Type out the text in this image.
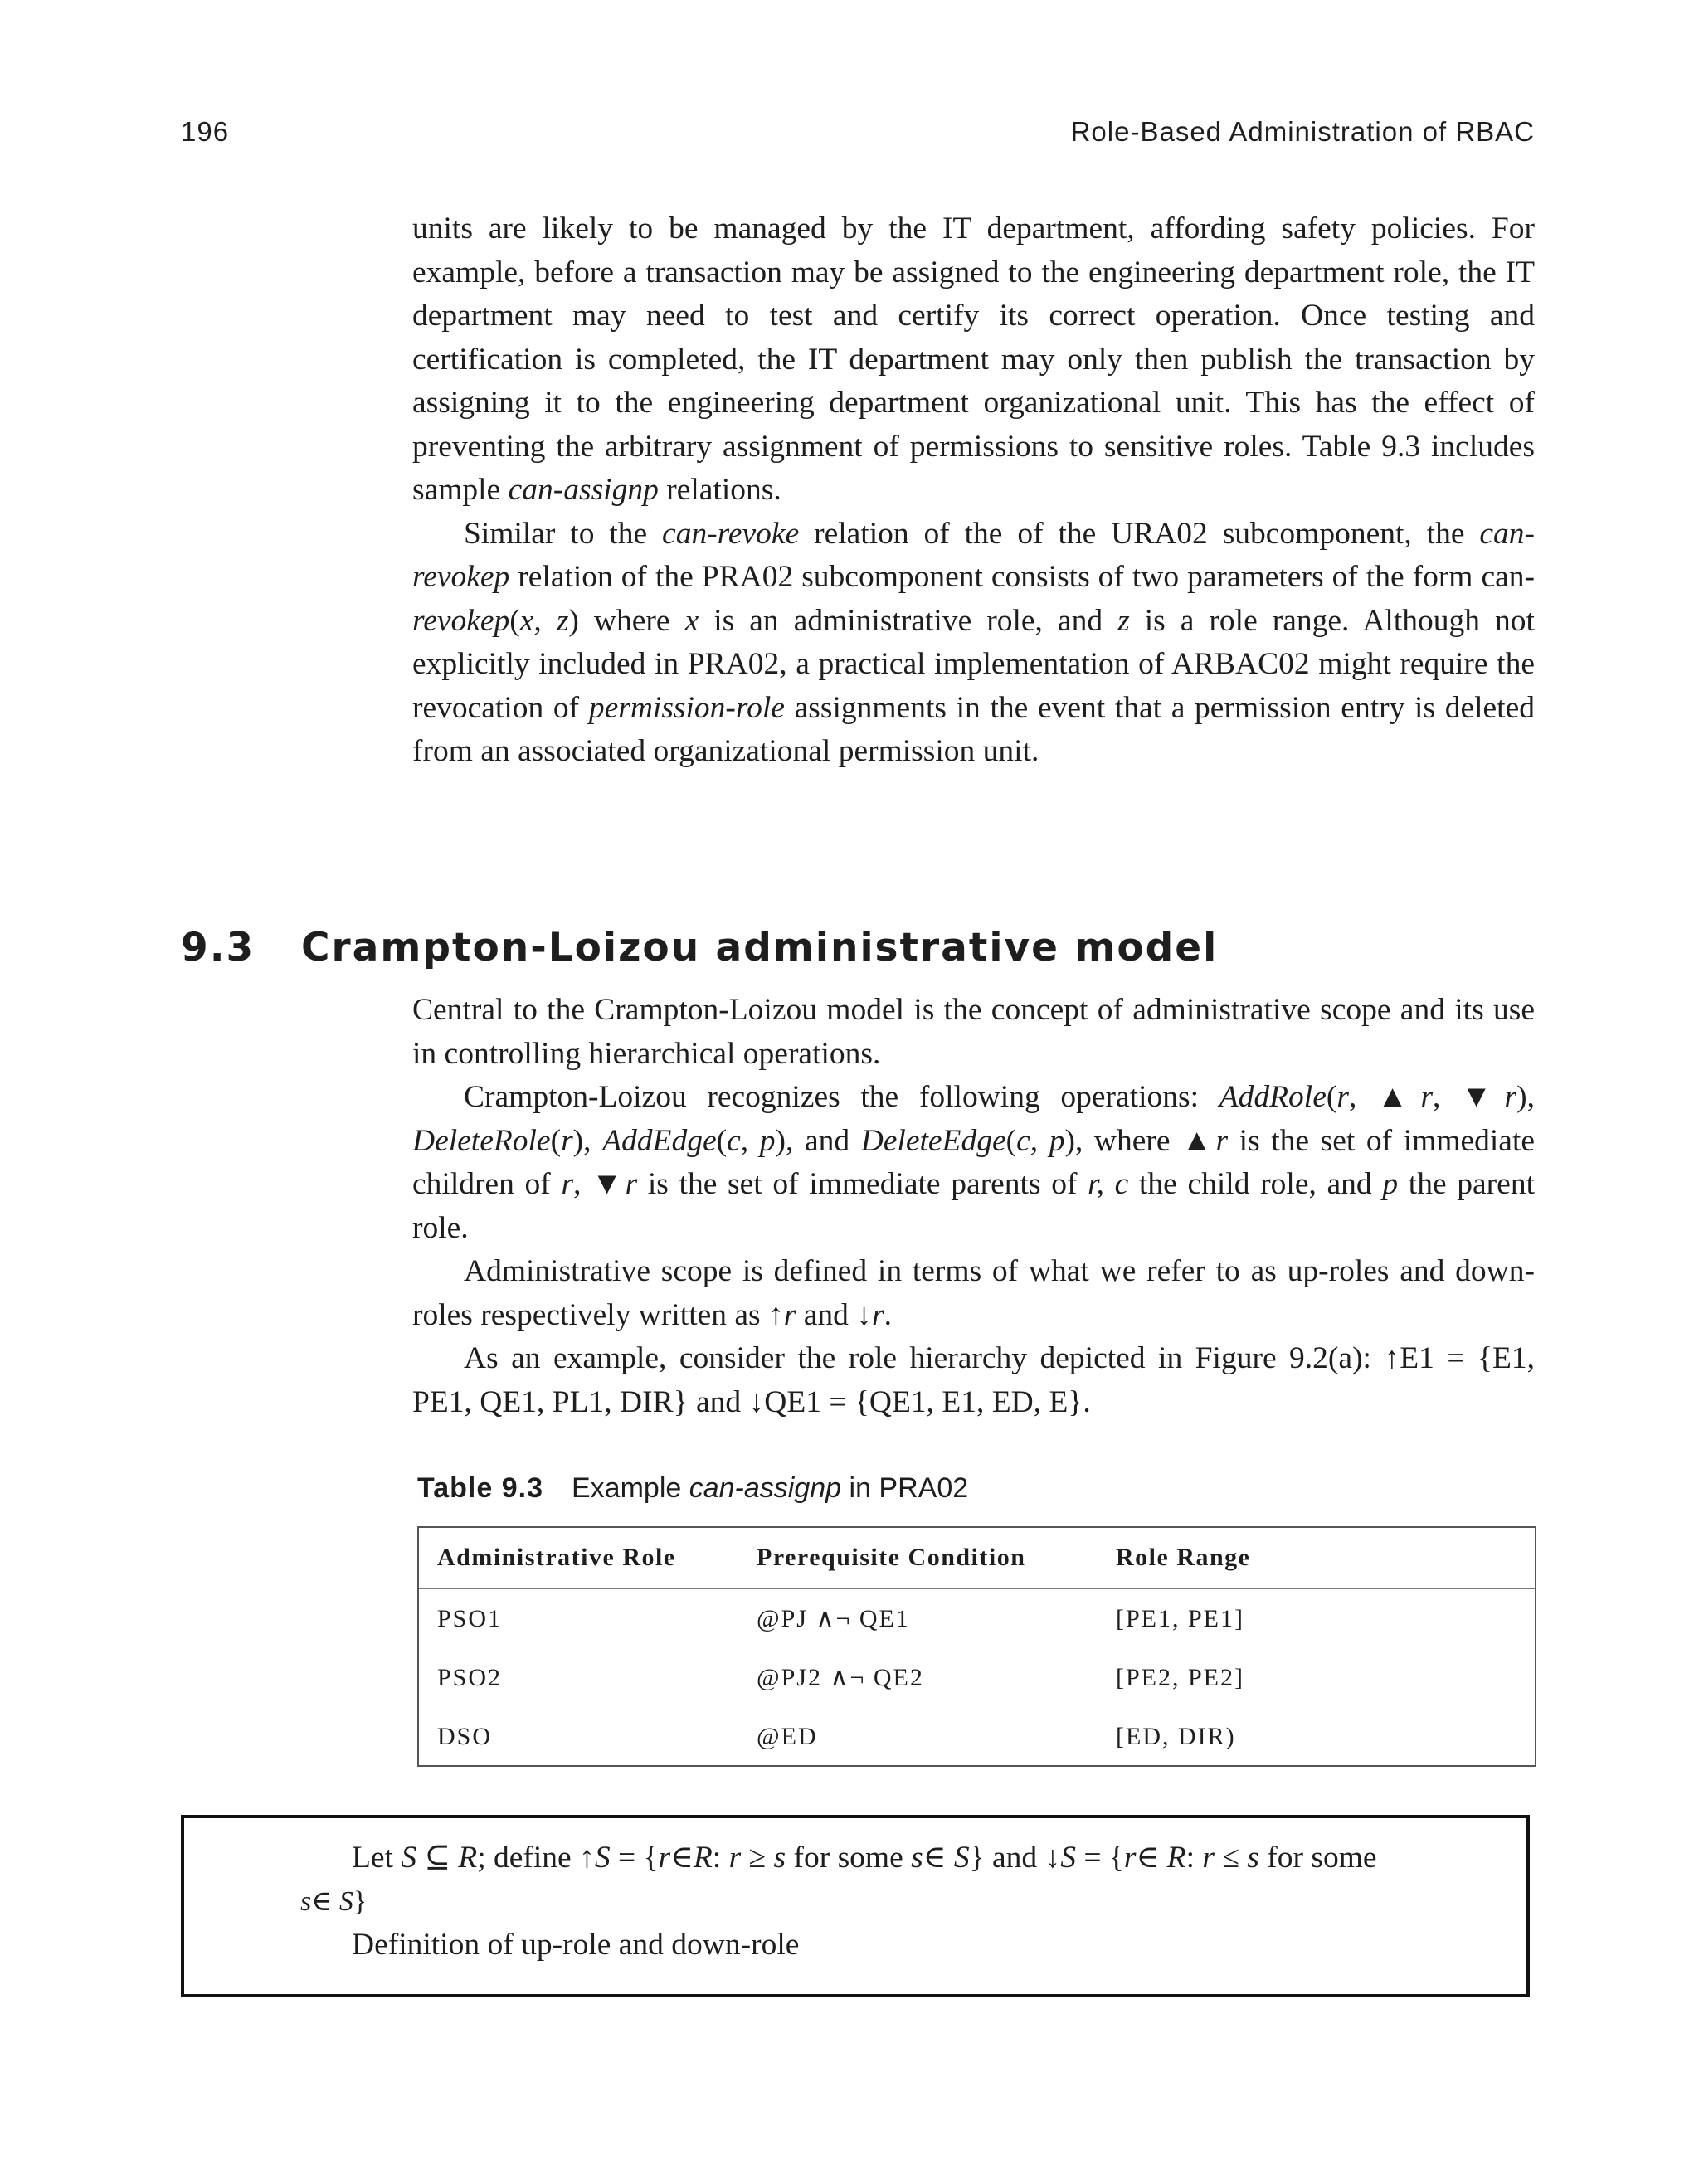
196	Role-Based Administration of RBAC

units are likely to be managed by the IT department, affording safety policies. For example, before a transaction may be assigned to the engineering department role, the IT department may need to test and certify its correct operation. Once testing and certification is completed, the IT department may only then publish the transaction by assigning it to the engineering department organizational unit. This has the effect of preventing the arbitrary assignment of permissions to sensitive roles. Table 9.3 includes sample can-assignp relations.

Similar to the can-revoke relation of the of the URA02 subcomponent, the can-revokep relation of the PRA02 subcomponent consists of two parameters of the form can-revokep(x, z) where x is an administrative role, and z is a role range. Although not explicitly included in PRA02, a practical implementation of ARBAC02 might require the revocation of permission-role assignments in the event that a permission entry is deleted from an associated organizational permission unit.

9.3 Crampton-Loizou administrative model

Central to the Crampton-Loizou model is the concept of administrative scope and its use in controlling hierarchical operations.

Crampton-Loizou recognizes the following operations: AddRole(r, ▲r, ▼r), DeleteRole(r), AddEdge(c, p), and DeleteEdge(c, p), where ▲r is the set of immediate children of r, ▼r is the set of immediate parents of r, c the child role, and p the parent role.

Administrative scope is defined in terms of what we refer to as up-roles and down-roles respectively written as ↑r and ↓r.

As an example, consider the role hierarchy depicted in Figure 9.2(a): ↑E1 = {E1, PE1, QE1, PL1, DIR} and ↓QE1 = {QE1, E1, ED, E}.

Table 9.3 Example can-assignp in PRA02
Administrative Role	Prerequisite Condition	Role Range
PSO1	@PJ ∧¬ QE1	[PE1, PE1]
PSO2	@PJ2 ∧¬ QE2	[PE2, PE2]
DSO	@ED	[ED, DIR)
Let S ⊆ R; define ↑S = {r∈R: r ≥ s for some s∈ S} and ↓S = {r∈ R: r ≤ s for some
s∈ S}
Definition of up-role and down-role
